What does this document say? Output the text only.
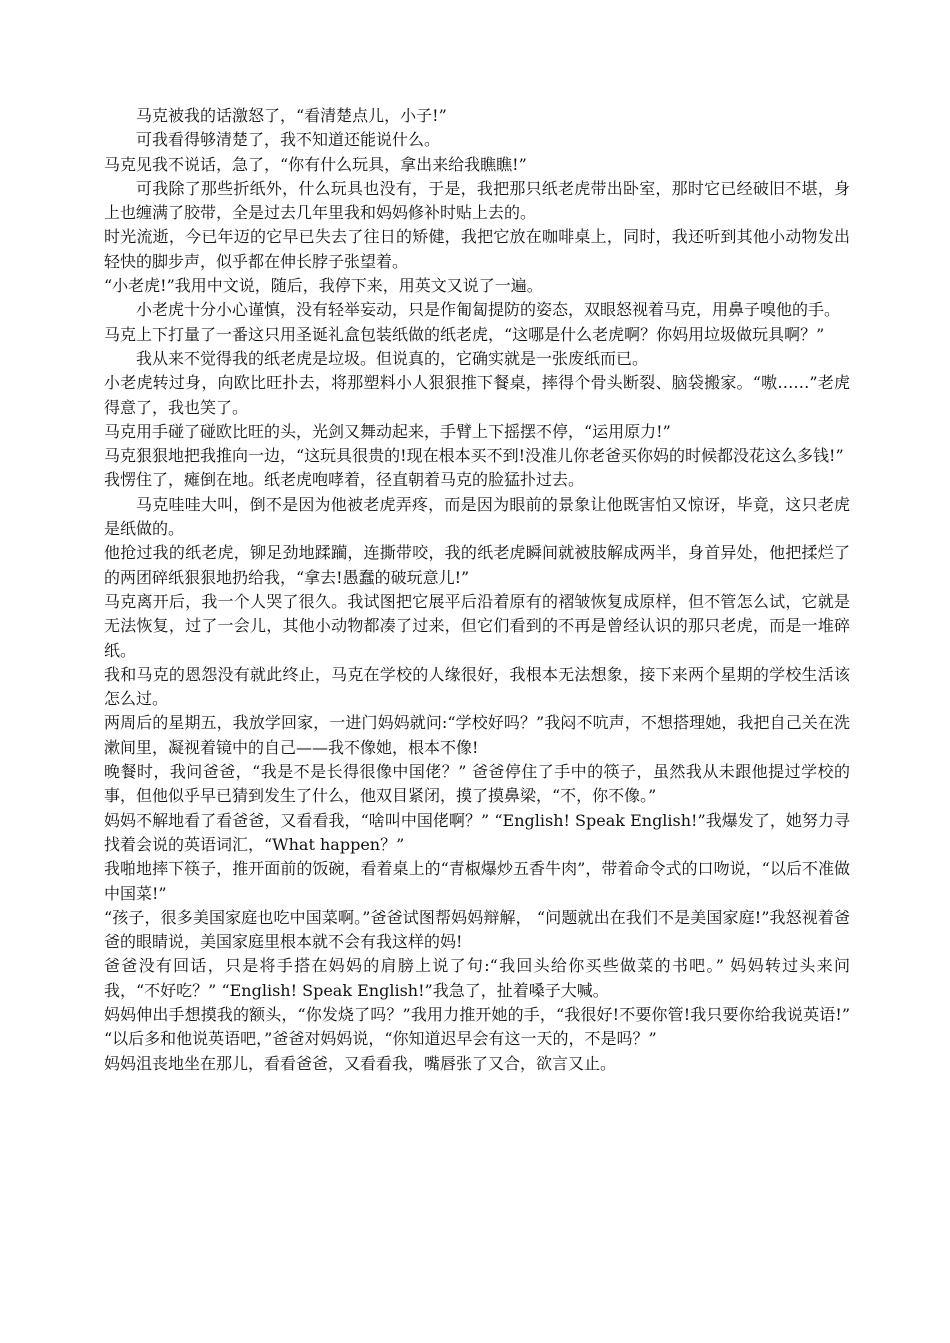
马克被我的话激怒了，“看清楚点儿，小子!”

可我看得够清楚了，我不知道还能说什么。

马克见我不说话，急了，“你有什么玩具，拿出来给我瞧瞧!”

可我除了那些折纸外，什么玩具也没有，于是，我把那只纸老虎带出卧室，那时它已经破旧不堪，身上也缠满了胶带，全是过去几年里我和妈妈修补时贴上去的。

时光流逝，今已年迈的它早已失去了往日的矫健，我把它放在咖啡桌上，同时，我还听到其他小动物发出轻快的脚步声，似乎都在伸长脖子张望着。

“小老虎!”我用中文说，随后，我停下来，用英文又说了一遍。

小老虎十分小心谨慎，没有轻举妄动，只是作匍匐提防的姿态，双眼怒视着马克，用鼻子嗅他的手。

马克上下打量了一番这只用圣诞礼盒包装纸做的纸老虎，“这哪是什么老虎啊？你妈用垃圾做玩具啊？”

我从来不觉得我的纸老虎是垃圾。但说真的，它确实就是一张废纸而已。

小老虎转过身，向欧比旺扑去，将那塑料小人狠狠推下餐桌，摔得个骨头断裂、脑袋搬家。“嗷……”老虎得意了，我也笑了。

马克用手碰了碰欧比旺的头，光剑又舞动起来，手臂上下摇摆不停，“运用原力!”

马克狠狠地把我推向一边，“这玩具很贵的!现在根本买不到!没准儿你老爸买你妈的时候都没花这么多钱!”

我愣住了，瘫倒在地。纸老虎咆哮着，径直朝着马克的脸猛扑过去。

马克哇哇大叫，倒不是因为他被老虎弄疼，而是因为眼前的景象让他既害怕又惊讶，毕竟，这只老虎是纸做的。

他抢过我的纸老虎，铆足劲地蹂躏，连撕带咬，我的纸老虎瞬间就被肢解成两半，身首异处，他把揉烂了的两团碎纸狠狠地扔给我，“拿去!愚蠢的破玩意儿!”

马克离开后，我一个人哭了很久。我试图把它展平后沿着原有的褶皱恢复成原样，但不管怎么试，它就是无法恢复，过了一会儿，其他小动物都凑了过来，但它们看到的不再是曾经认识的那只老虎，而是一堆碎纸。

我和马克的恩怨没有就此终止，马克在学校的人缘很好，我根本无法想象，接下来两个星期的学校生活该怎么过。

两周后的星期五，我放学回家，一进门妈妈就问:“学校好吗？”我闷不吭声，不想搭理她，我把自己关在洗漱间里，凝视着镜中的自己——我不像她，根本不像!

晚餐时，我问爸爸，“我是不是长得很像中国佬？” 爸爸停住了手中的筷子，虽然我从未跟他提过学校的事，但他似乎早已猜到发生了什么，他双目紧闭，摸了摸鼻梁，“不，你不像。”

妈妈不解地看了看爸爸，又看看我，“啥叫中国佬啊？” “English! Speak English!”我爆发了，她努力寻找着会说的英语词汇，“What happen？”

我啪地摔下筷子，推开面前的饭碗，看着桌上的“青椒爆炒五香牛肉”，带着命令式的口吻说，“以后不准做中国菜!”

“孩子，很多美国家庭也吃中国菜啊。”爸爸试图帮妈妈辩解， “问题就出在我们不是美国家庭!”我怒视着爸爸的眼睛说，美国家庭里根本就不会有我这样的妈!

爸爸没有回话，只是将手搭在妈妈的肩膀上说了句:“我回头给你买些做菜的书吧。” 妈妈转过头来问我，“不好吃？” “English! Speak English!”我急了，扯着嗓子大喊。

妈妈伸出手想摸我的额头，“你发烧了吗？”我用力推开她的手，“我很好!不要你管!我只要你给我说英语!” “以后多和他说英语吧，”爸爸对妈妈说，“你知道迟早会有这一天的，不是吗？”

妈妈沮丧地坐在那儿，看看爸爸，又看看我，嘴唇张了又合，欲言又止。
